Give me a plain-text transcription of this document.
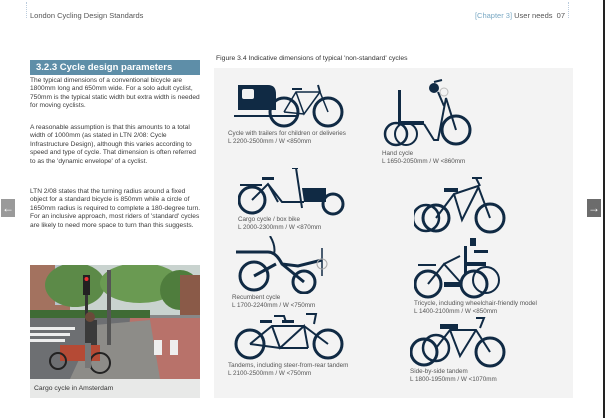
London Cycling Design Standards	[Chapter 3] User needs 07
3.2.3 Cycle design parameters
The typical dimensions of a conventional bicycle are 1800mm long and 650mm wide. For a solo adult cyclist, 750mm is the typical static width but extra width is needed for moving cyclists.
A reasonable assumption is that this amounts to a total width of 1000mm (as stated in LTN 2/08: Cycle Infrastructure Design), although this varies according to speed and type of cycle. That dimension is often referred to as the 'dynamic envelope' of a cyclist.
LTN 2/08 states that the turning radius around a fixed object for a standard bicycle is 850mm while a circle of 1650mm radius is required to complete a 180-degree turn. For an inclusive approach, most riders of 'standard' cycles are likely to need more space to turn than this suggests.
Cargo cycle in Amsterdam
Figure 3.4 Indicative dimensions of typical 'non-standard' cycles
Cycle with trailers for children or deliveries
L 2200-2500mm / W <850mm
Hand cycle
L 1650-2050mm / W <860mm
Cargo cycle / box bike
L 2000-2300mm / W <870mm
Tricycle, including wheelchair-friendly model
L 1400-2100mm / W <850mm
Recumbent cycle
L 1700-2240mm / W <750mm
Tandems, including steer-from-rear tandem
L 2100-2500mm / W <750mm	Side-by-side tandem
L 1800-1950mm / W <1070mm
←	→
